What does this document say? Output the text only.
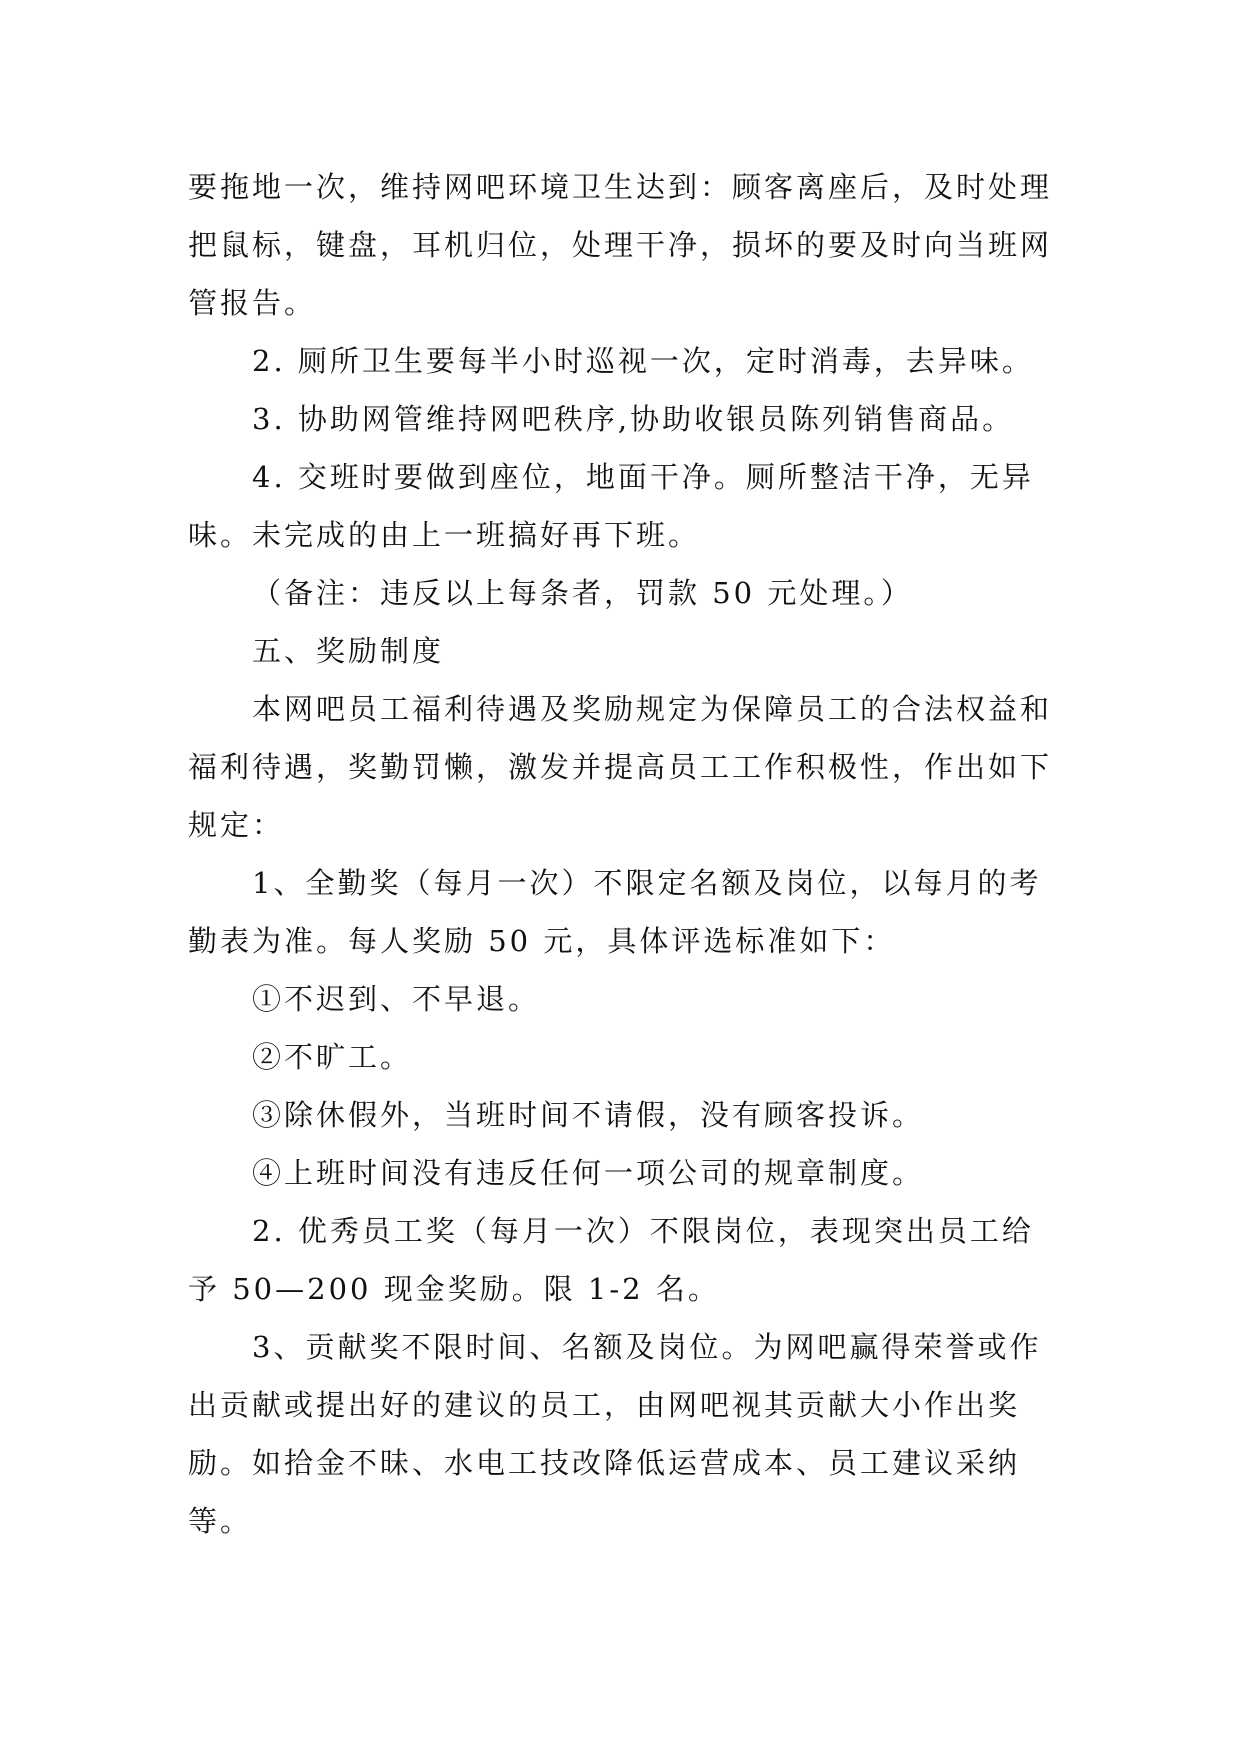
要拖地一次，维持网吧环境卫生达到：顾客离座后，及时处理把鼠标，键盘，耳机归位，处理干净，损坏的要及时向当班网管报告。

2. 厕所卫生要每半小时巡视一次，定时消毒，去异味。

3. 协助网管维持网吧秩序,协助收银员陈列销售商品。

4. 交班时要做到座位，地面干净。厕所整洁干净，无异味。未完成的由上一班搞好再下班。

（备注：违反以上每条者，罚款 50 元处理。）

五、奖励制度

本网吧员工福利待遇及奖励规定为保障员工的合法权益和福利待遇，奖勤罚懒，激发并提高员工工作积极性，作出如下规定：

1、全勤奖（每月一次）不限定名额及岗位，以每月的考勤表为准。每人奖励 50 元，具体评选标准如下：

①不迟到、不早退。

②不旷工。

③除休假外，当班时间不请假，没有顾客投诉。

④上班时间没有违反任何一项公司的规章制度。

2. 优秀员工奖（每月一次）不限岗位，表现突出员工给予 50—200 现金奖励。限 1-2 名。

3、贡献奖不限时间、名额及岗位。为网吧赢得荣誉或作出贡献或提出好的建议的员工，由网吧视其贡献大小作出奖励。如拾金不昧、水电工技改降低运营成本、员工建议采纳等。
